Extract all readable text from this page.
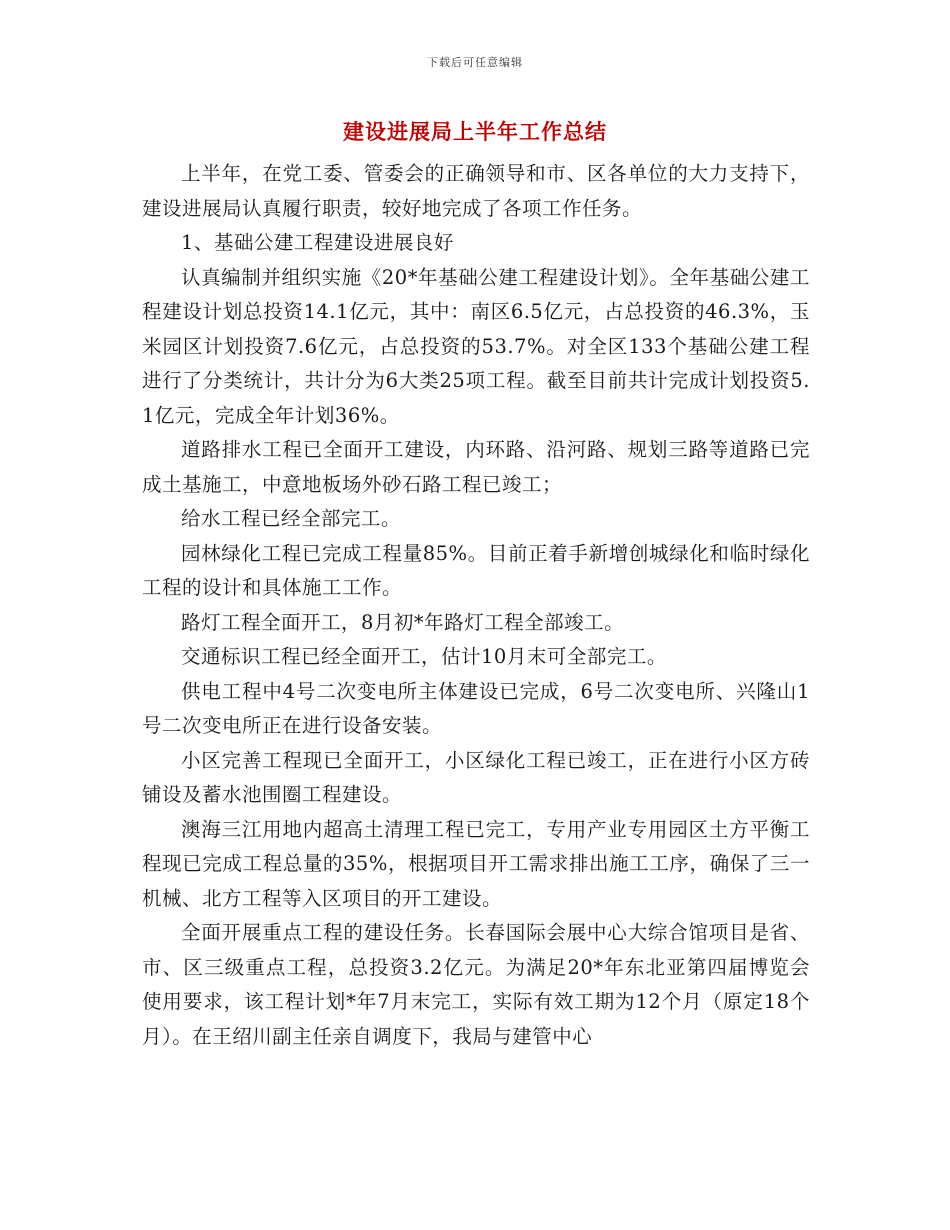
下载后可任意编辑
建设进展局上半年工作总结

上半年，在党工委、管委会的正确领导和市、区各单位的大力支持下，建设进展局认真履行职责，较好地完成了各项工作任务。

1、基础公建工程建设进展良好

认真编制并组织实施《20*年基础公建工程建设计划》。全年基础公建工程建设计划总投资14.1亿元，其中：南区6.5亿元，占总投资的46.3%，玉米园区计划投资7.6亿元，占总投资的53.7%。对全区133个基础公建工程进行了分类统计，共计分为6大类25项工程。截至目前共计完成计划投资5.1亿元，完成全年计划36%。

道路排水工程已全面开工建设，内环路、沿河路、规划三路等道路已完成土基施工，中意地板场外砂石路工程已竣工；

给水工程已经全部完工。

园林绿化工程已完成工程量85%。目前正着手新增创城绿化和临时绿化工程的设计和具体施工工作。

路灯工程全面开工，8月初*年路灯工程全部竣工。

交通标识工程已经全面开工，估计10月末可全部完工。

供电工程中4号二次变电所主体建设已完成，6号二次变电所、兴隆山1号二次变电所正在进行设备安装。

小区完善工程现已全面开工，小区绿化工程已竣工，正在进行小区方砖铺设及蓄水池围圈工程建设。

澳海三江用地内超高土清理工程已完工，专用产业专用园区土方平衡工程现已完成工程总量的35%，根据项目开工需求排出施工工序，确保了三一机械、北方工程等入区项目的开工建设。

全面开展重点工程的建设任务。长春国际会展中心大综合馆项目是省、市、区三级重点工程，总投资3.2亿元。为满足20*年东北亚第四届博览会使用要求，该工程计划*年7月末完工，实际有效工期为12个月（原定18个月）。在王绍川副主任亲自调度下，我局与建管中心
